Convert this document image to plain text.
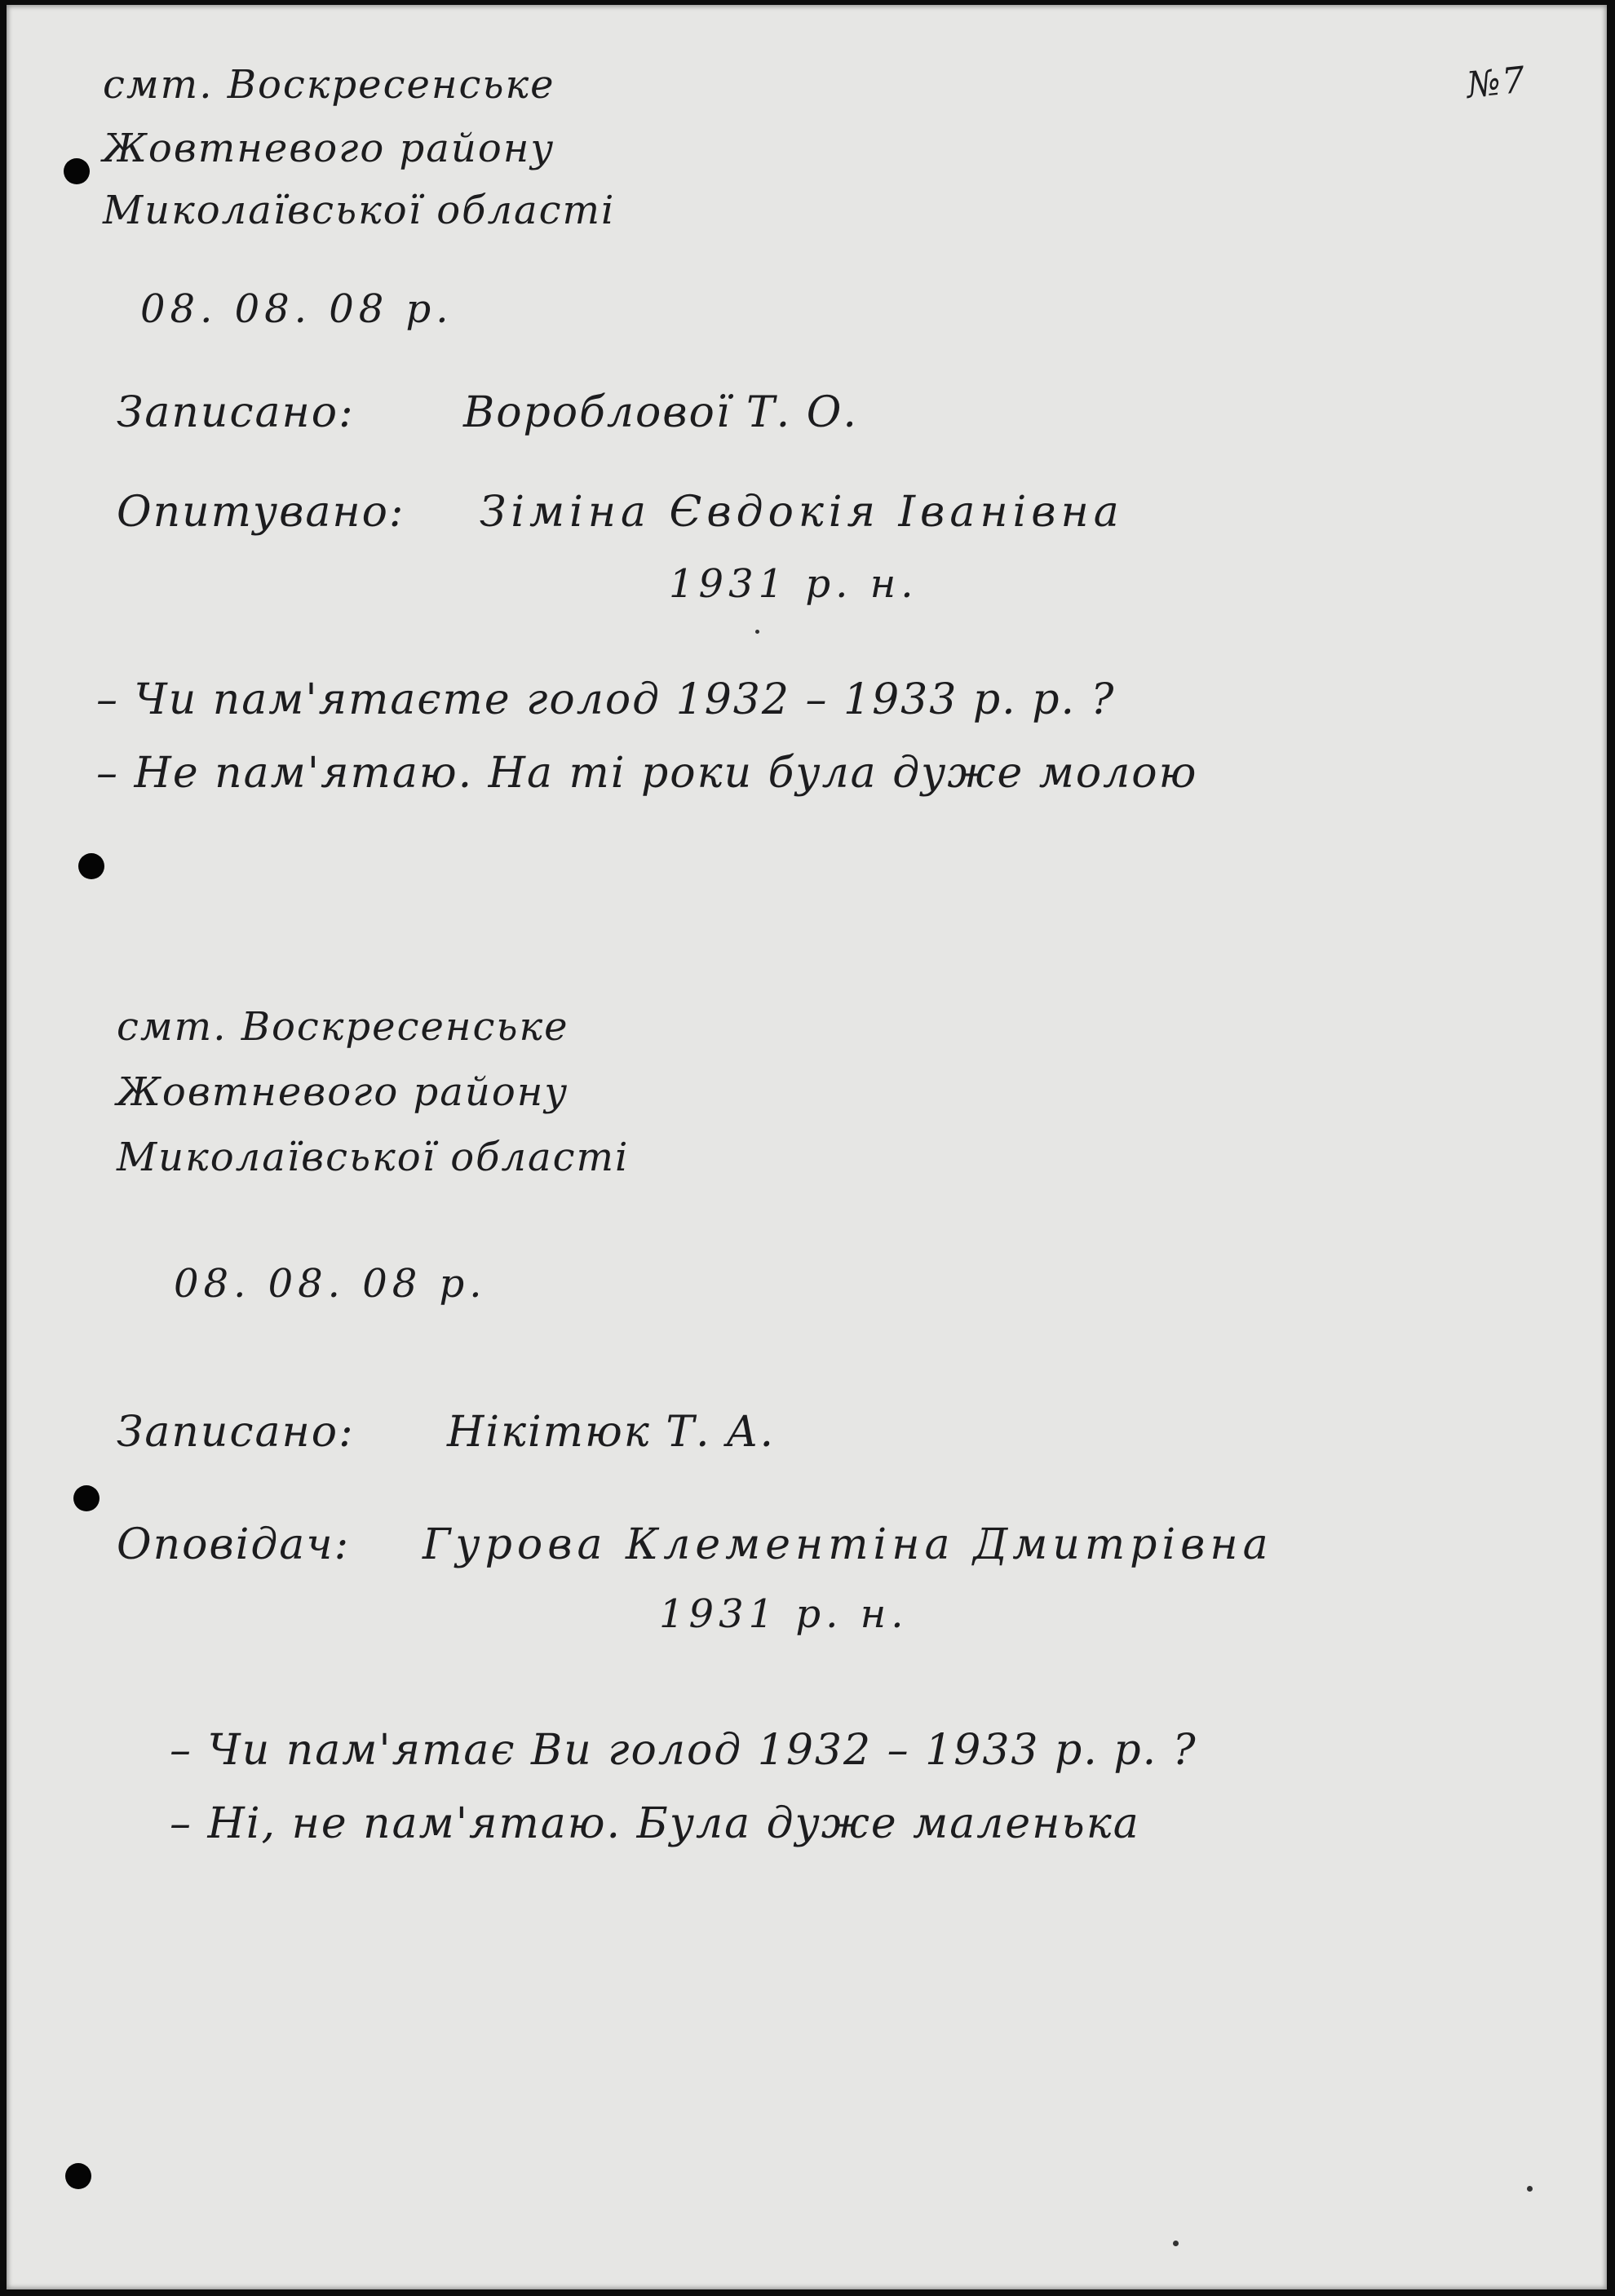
№7
смт. Воскресенське
Жовтневого району
Миколаївської області
08. 08. 08 р.
Записано:	Вороблової Т. О.
Опитувано: Зіміна Євдокія Іванівна
1931 р. н.
– Чи пам'ятаєте голод 1932 – 1933 р. р. ?
– Не пам'ятаю. На ті роки була дуже молою
смт. Воскресенське
Жовтневого району
Миколаївської області
08. 08. 08 р.
Записано: Нікітюк Т. А.
Оповідач: Гурова Клементіна Дмитрівна
1931 р. н.
– Чи пам'ятає Ви голод 1932 – 1933 р. р. ?
– Ні, не пам'ятаю. Була дуже маленька
